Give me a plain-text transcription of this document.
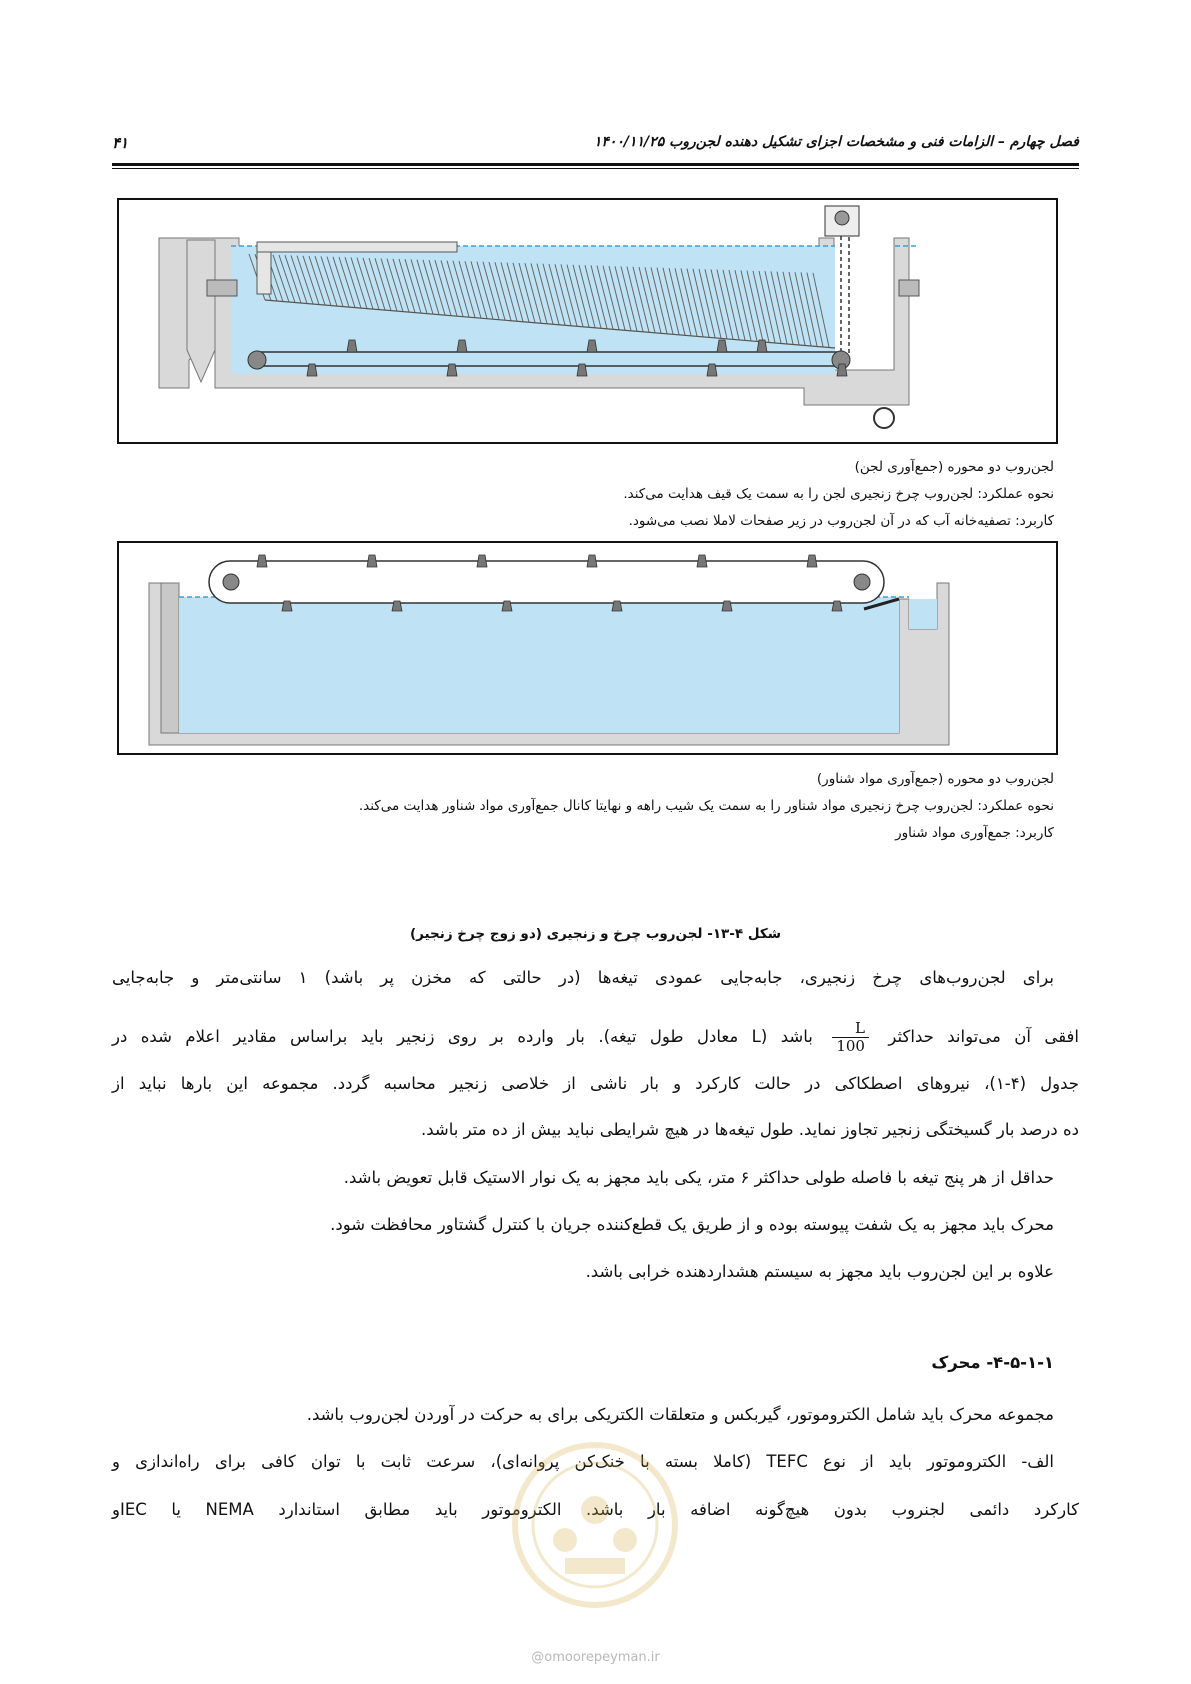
فصل چهارم – الزامات فنی و مشخصات اجزای تشکیل دهنده لجن‌روب ۱۴۰۰/۱۱/۲۵
۴۱
لجن‌روب دو محوره (جمع‌آوری لجن)
نحوه عملکرد: لجن‌روب چرخ زنجیری لجن را به سمت یک قیف هدایت می‌کند.
کاربرد: تصفیه‌خانه آب که در آن لجن‌روب در زیر صفحات لاملا نصب می‌شود.
لجن‌روب دو محوره (جمع‌آوری مواد شناور)
نحوه عملکرد: لجن‌روب چرخ زنجیری مواد شناور را به سمت یک شیب راهه و نهایتا کانال جمع‌آوری مواد شناور هدایت می‌کند.
کاربرد: جمع‌آوری مواد شناور
شکل ۴-۱۳- لجن‌روب چرخ و زنجیری (دو زوج چرخ زنجیر)
برای لجن‌روب‌های چرخ زنجیری، جابه‌جایی عمودی تیغه‌ها (در حالتی که مخزن پر باشد) ۱ سانتی‌متر و جابه‌جایی
افقی آن می‌تواند حداکثر
$\frac{L}{100}$
باشد (L معادل طول تیغه). بار وارده بر روی زنجیر باید براساس مقادیر اعلام شده در
جدول (۴-۱)، نیروهای اصطکاکی در حالت کارکرد و بار ناشی از خلاصی زنجیر محاسبه گردد. مجموعه این بارها نباید از
ده درصد بار گسیختگی زنجیر تجاوز نماید. طول تیغه‌ها در هیچ شرایطی نباید بیش از ده متر باشد.
حداقل از هر پنج تیغه با فاصله طولی حداکثر ۶ متر، یکی باید مجهز به یک نوار الاستیک قابل تعویض باشد.
محرک باید مجهز به یک شفت پیوسته بوده و از طریق یک قطع‌کننده جریان با کنترل گشتاور محافظت شود.
علاوه بر این لجن‌روب باید مجهز به سیستم هشداردهنده خرابی باشد.
۴-۵-۱-۱- محرک
مجموعه محرک باید شامل الکتروموتور، گیربکس و متعلقات الکتریکی برای به حرکت در آوردن لجن‌روب باشد.
الف- الکتروموتور باید از نوع TEFC (کاملا بسته با خنک‌کن پروانه‌ای)، سرعت ثابت با توان کافی برای راه‌اندازی و
کارکرد دائمی لجنروب بدون هیچ‌گونه اضافه بار باشد. الکتروموتور باید مطابق استاندارد NEMA یا IECو
@omoorepeyman.ir
